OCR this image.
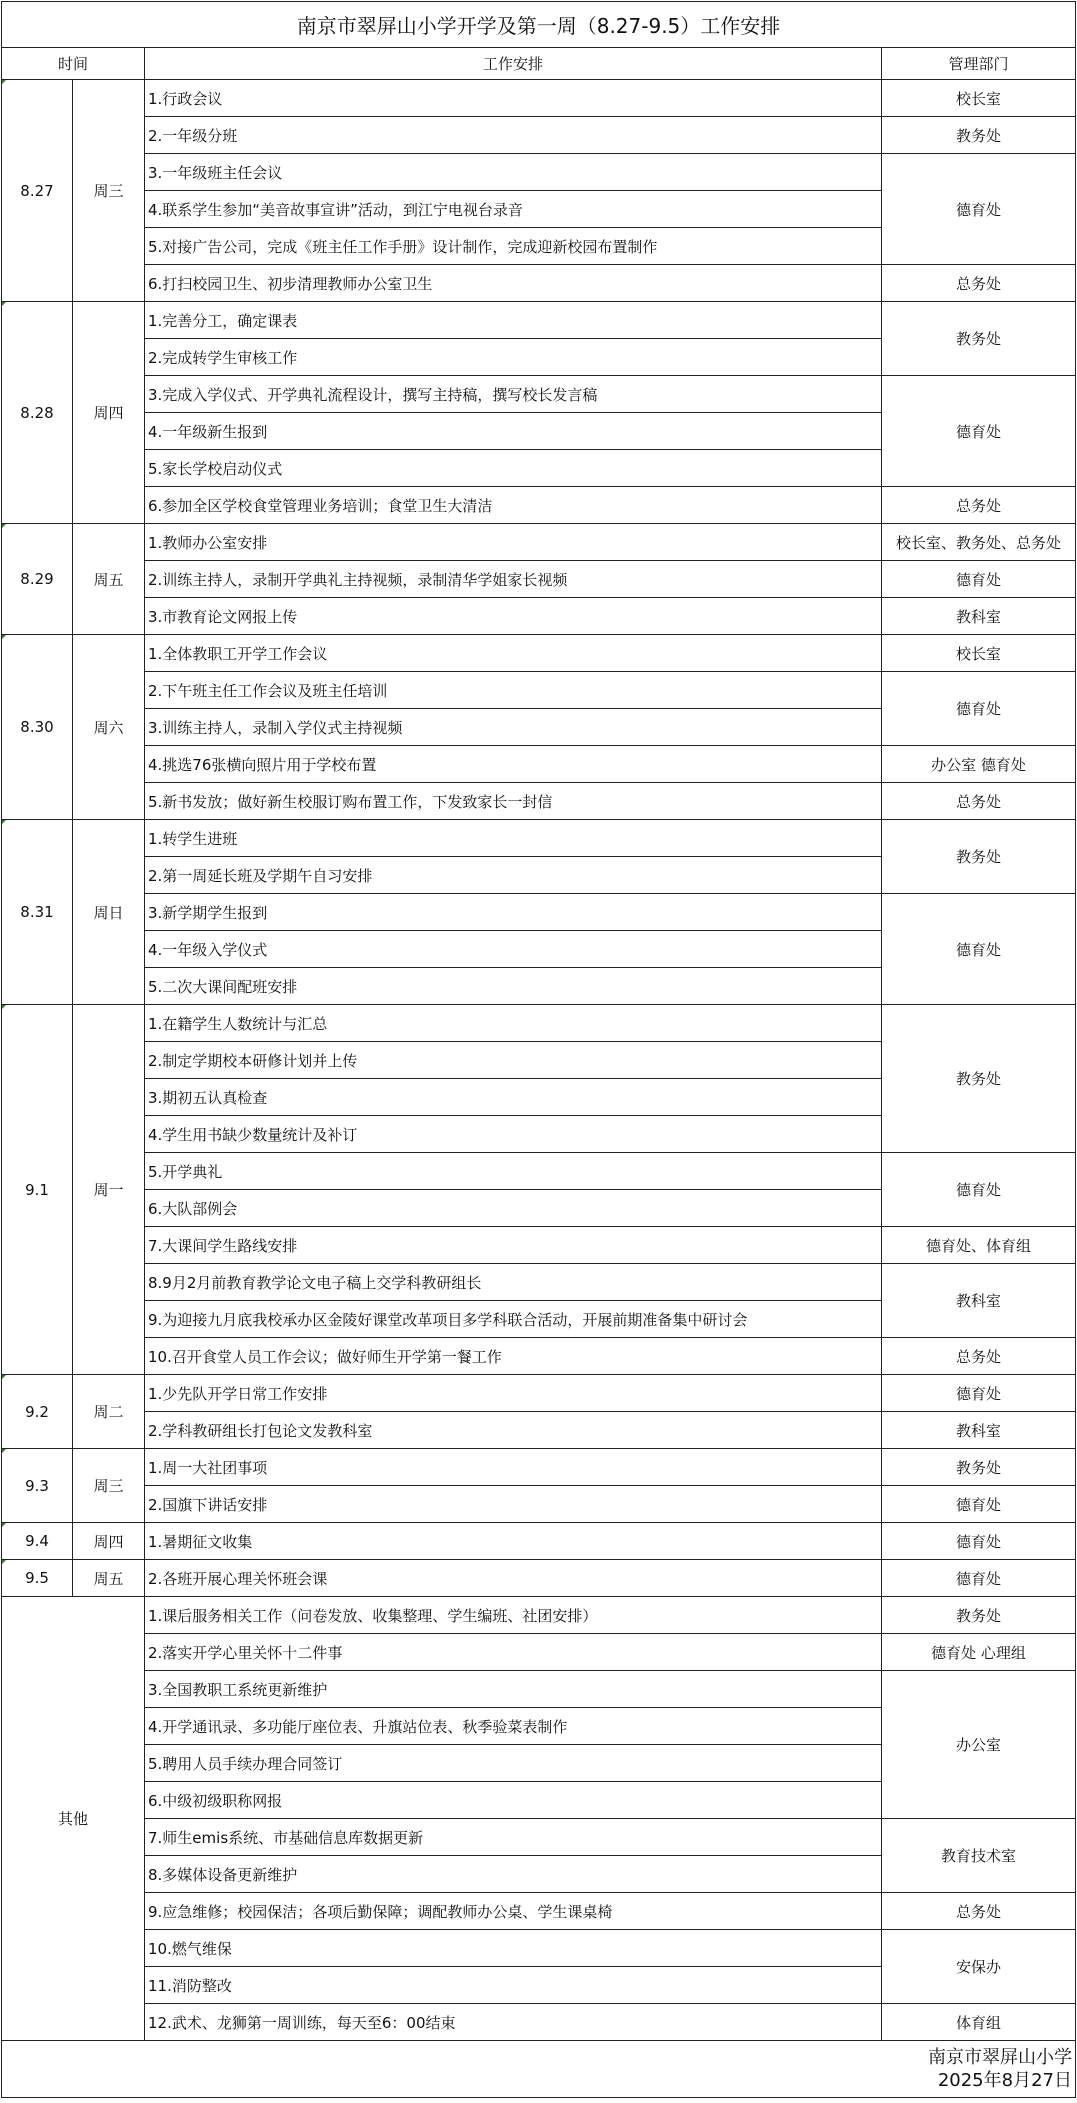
南京市翠屏山小学开学及第一周（8.27-9.5）工作安排			
时间		工作安排	管理部门
8.27	周三	1.行政会议	校长室
		2.一年级分班	教务处
		3.一年级班主任会议	德育处
		4.联系学生参加“美音故事宣讲”活动，到江宁电视台录音	
		5.对接广告公司，完成《班主任工作手册》设计制作，完成迎新校园布置制作	
		6.打扫校园卫生、初步清理教师办公室卫生	总务处
8.28	周四	1.完善分工，确定课表	教务处
		2.完成转学生审核工作	
		3.完成入学仪式、开学典礼流程设计，撰写主持稿，撰写校长发言稿	德育处
		4.一年级新生报到	
		5.家长学校启动仪式	
		6.参加全区学校食堂管理业务培训；食堂卫生大清洁	总务处
8.29	周五	1.教师办公室安排	校长室、教务处、总务处
		2.训练主持人，录制开学典礼主持视频，录制清华学姐家长视频	德育处
		3.市教育论文网报上传	教科室
8.30	周六	1.全体教职工开学工作会议	校长室
		2.下午班主任工作会议及班主任培训	德育处
		3.训练主持人，录制入学仪式主持视频	
		4.挑选76张横向照片用于学校布置	办公室 德育处
		5.新书发放；做好新生校服订购布置工作，下发致家长一封信	总务处
8.31	周日	1.转学生进班	教务处
		2.第一周延长班及学期午自习安排	
		3.新学期学生报到	德育处
		4.一年级入学仪式	
		5.二次大课间配班安排	
9.1	周一	1.在籍学生人数统计与汇总	教务处
		2.制定学期校本研修计划并上传	
		3.期初五认真检查	
		4.学生用书缺少数量统计及补订	
		5.开学典礼	德育处
		6.大队部例会	
		7.大课间学生路线安排	德育处、体育组
		8.9月2月前教育教学论文电子稿上交学科教研组长	教科室
		9.为迎接九月底我校承办区金陵好课堂改革项目多学科联合活动，开展前期准备集中研讨会	
		10.召开食堂人员工作会议；做好师生开学第一餐工作	总务处
9.2	周二	1.少先队开学日常工作安排	德育处
		2.学科教研组长打包论文发教科室	教科室
9.3	周三	1.周一大社团事项	教务处
		2.国旗下讲话安排	德育处
9.4	周四	1.暑期征文收集	德育处
9.5	周五	2.各班开展心理关怀班会课	德育处
其他		1.课后服务相关工作（问卷发放、收集整理、学生编班、社团安排）	教务处
		2.落实开学心里关怀十二件事	德育处 心理组
		3.全国教职工系统更新维护	办公室
		4.开学通讯录、多功能厅座位表、升旗站位表、秋季验菜表制作	
		5.聘用人员手续办理合同签订	
		6.中级初级职称网报	
		7.师生emis系统、市基础信息库数据更新	教育技术室
		8.多媒体设备更新维护	
		9.应急维修；校园保洁；各项后勤保障；调配教师办公桌、学生课桌椅	总务处
		10.燃气维保	安保办
		11.消防整改	
		12.武术、龙狮第一周训练，每天至6：00结束	体育组

南京市翠屏山小学
2025年8月27日			
